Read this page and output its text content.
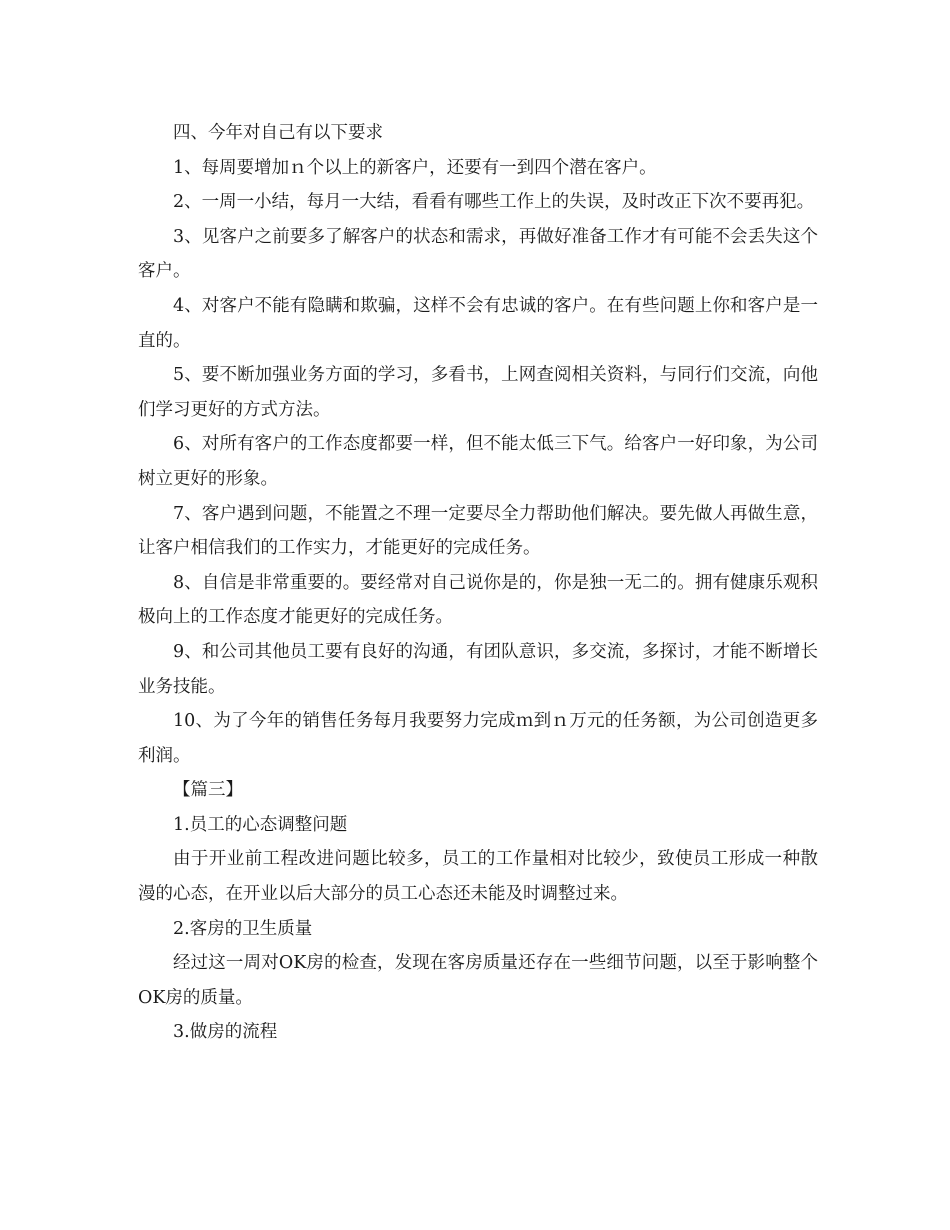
四、今年对自己有以下要求

1、每周要增加ｎ个以上的新客户，还要有一到四个潜在客户。

2、一周一小结，每月一大结，看看有哪些工作上的失误，及时改正下次不要再犯。

3、见客户之前要多了解客户的状态和需求，再做好准备工作才有可能不会丢失这个客户。

4、对客户不能有隐瞒和欺骗，这样不会有忠诚的客户。在有些问题上你和客户是一直的。

5、要不断加强业务方面的学习，多看书，上网查阅相关资料，与同行们交流，向他们学习更好的方式方法。

6、对所有客户的工作态度都要一样，但不能太低三下气。给客户一好印象，为公司树立更好的形象。

7、客户遇到问题，不能置之不理一定要尽全力帮助他们解决。要先做人再做生意，让客户相信我们的工作实力，才能更好的完成任务。

8、自信是非常重要的。要经常对自己说你是的，你是独一无二的。拥有健康乐观积极向上的工作态度才能更好的完成任务。

9、和公司其他员工要有良好的沟通，有团队意识，多交流，多探讨，才能不断增长业务技能。

10、为了今年的销售任务每月我要努力完成ｍ到ｎ万元的任务额，为公司创造更多利润。

【篇三】

1.员工的心态调整问题

由于开业前工程改进问题比较多，员工的工作量相对比较少，致使员工形成一种散漫的心态，在开业以后大部分的员工心态还未能及时调整过来。

2.客房的卫生质量

经过这一周对OK房的检查，发现在客房质量还存在一些细节问题，以至于影响整个OK房的质量。

3.做房的流程
